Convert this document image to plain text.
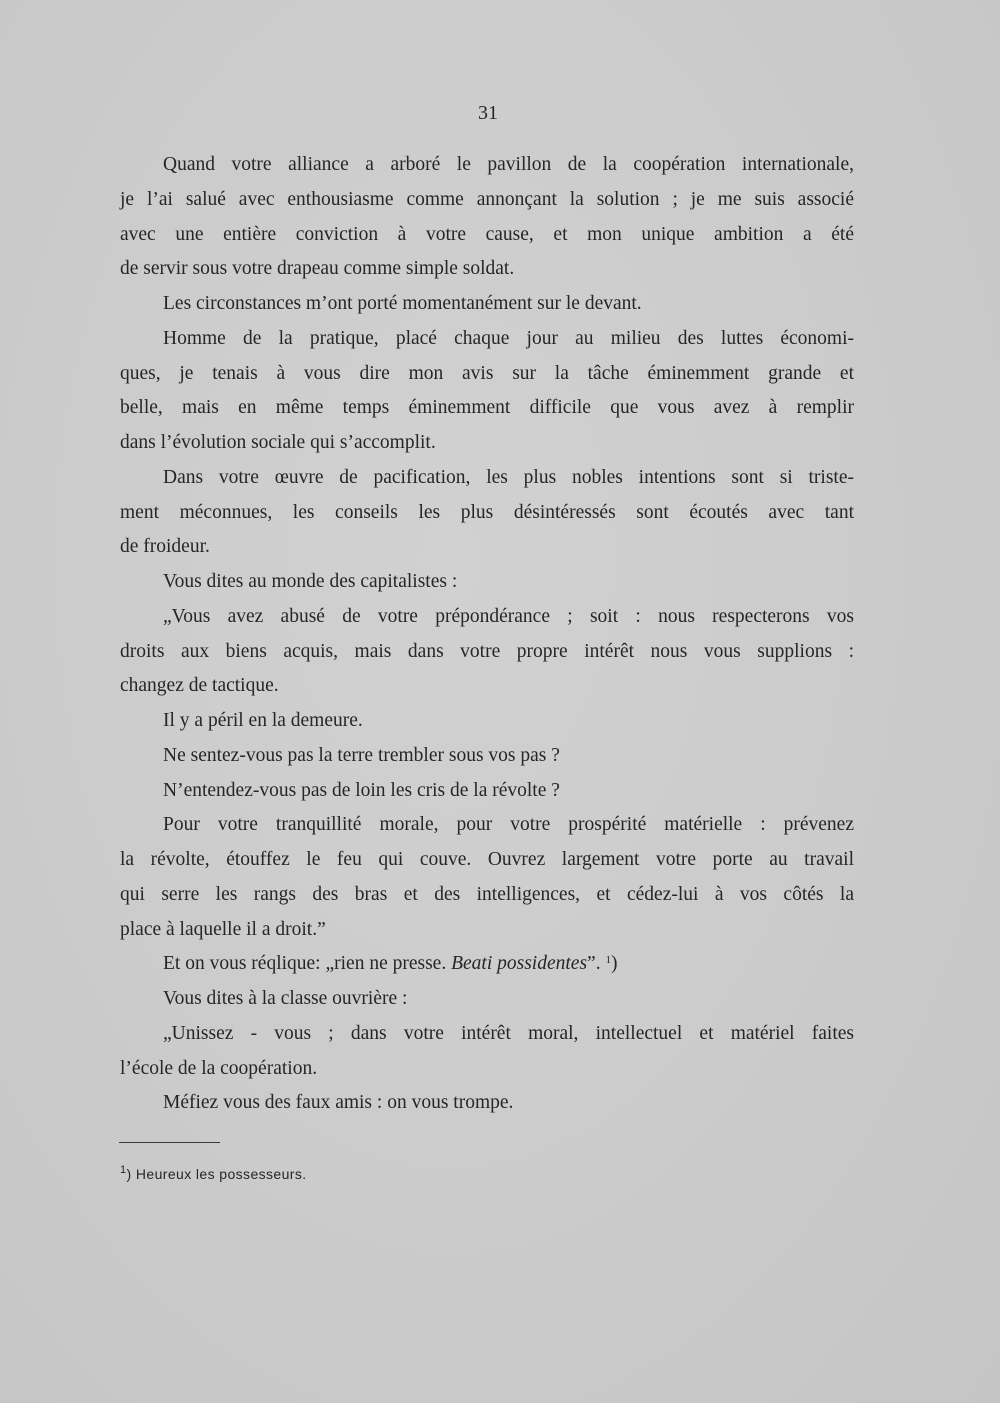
31
Quand votre alliance a arboré le pavillon de la coopération internationale,
je l’ai salué avec enthousiasme comme annonçant la solution ; je me suis associé
avec une entière conviction à votre cause, et mon unique ambition a été
de servir sous votre drapeau comme simple soldat.
Les circonstances m’ont porté momentanément sur le devant.
Homme de la pratique, placé chaque jour au milieu des luttes économi-
ques, je tenais à vous dire mon avis sur la tâche éminemment grande et
belle, mais en même temps éminemment difficile que vous avez à remplir
dans l’évolution sociale qui s’accomplit.
Dans votre œuvre de pacification, les plus nobles intentions sont si triste-
ment méconnues, les conseils les plus désintéressés sont écoutés avec tant
de froideur.
Vous dites au monde des capitalistes :
„Vous avez abusé de votre prépondérance ; soit : nous respecterons vos
droits aux biens acquis, mais dans votre propre intérêt nous vous supplions :
changez de tactique.
Il y a péril en la demeure.
Ne sentez-vous pas la terre trembler sous vos pas ?
N’entendez-vous pas de loin les cris de la révolte ?
Pour votre tranquillité morale, pour votre prospérité matérielle : prévenez
la révolte, étouffez le feu qui couve. Ouvrez largement votre porte au travail
qui serre les rangs des bras et des intelligences, et cédez-lui à vos côtés la
place à laquelle il a droit.”
Et on vous réqlique: „rien ne presse. Beati possidentes”. $^1$)
Vous dites à la classe ouvrière :
„Unissez - vous ; dans votre intérêt moral, intellectuel et matériel faites
l’école de la coopération.
Méfiez vous des faux amis : on vous trompe.
$^1$) Heureux les possesseurs.
